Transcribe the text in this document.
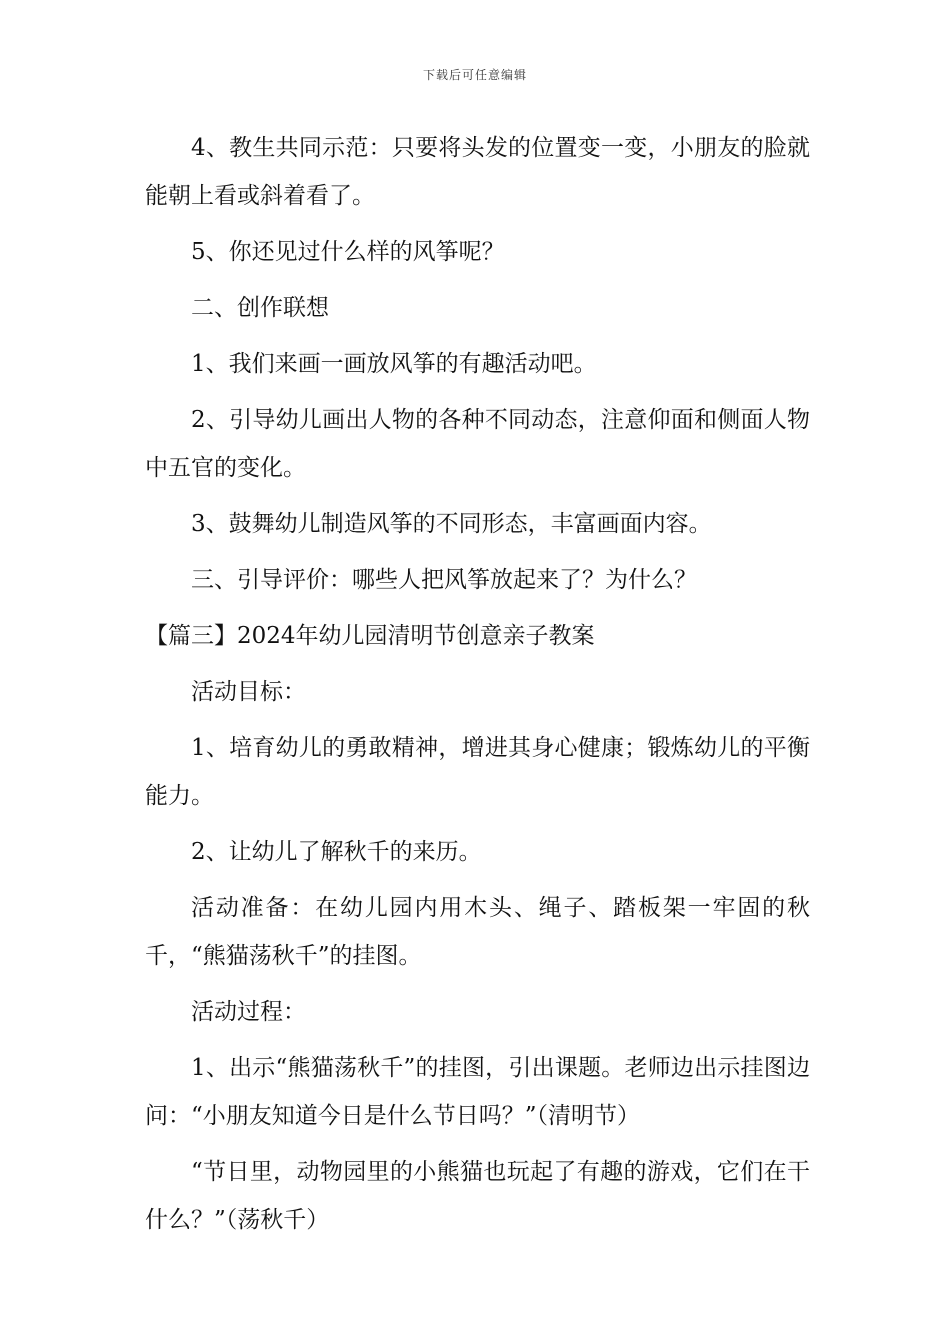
下载后可任意编辑

4、教生共同示范：只要将头发的位置变一变，小朋友的脸就能朝上看或斜着看了。

5、你还见过什么样的风筝呢？

二、创作联想

1、我们来画一画放风筝的有趣活动吧。

2、引导幼儿画出人物的各种不同动态，注意仰面和侧面人物中五官的变化。

3、鼓舞幼儿制造风筝的不同形态，丰富画面内容。

三、引导评价：哪些人把风筝放起来了？为什么？

【篇三】2024年幼儿园清明节创意亲子教案

活动目标：

1、培育幼儿的勇敢精神，增进其身心健康；锻炼幼儿的平衡能力。

2、让幼儿了解秋千的来历。

活动准备：在幼儿园内用木头、绳子、踏板架一牢固的秋千，“熊猫荡秋千”的挂图。

活动过程：

1、出示“熊猫荡秋千”的挂图，引出课题。老师边出示挂图边问：“小朋友知道今日是什么节日吗？”（清明节）

“节日里，动物园里的小熊猫也玩起了有趣的游戏，它们在干什么？”（荡秋千）
